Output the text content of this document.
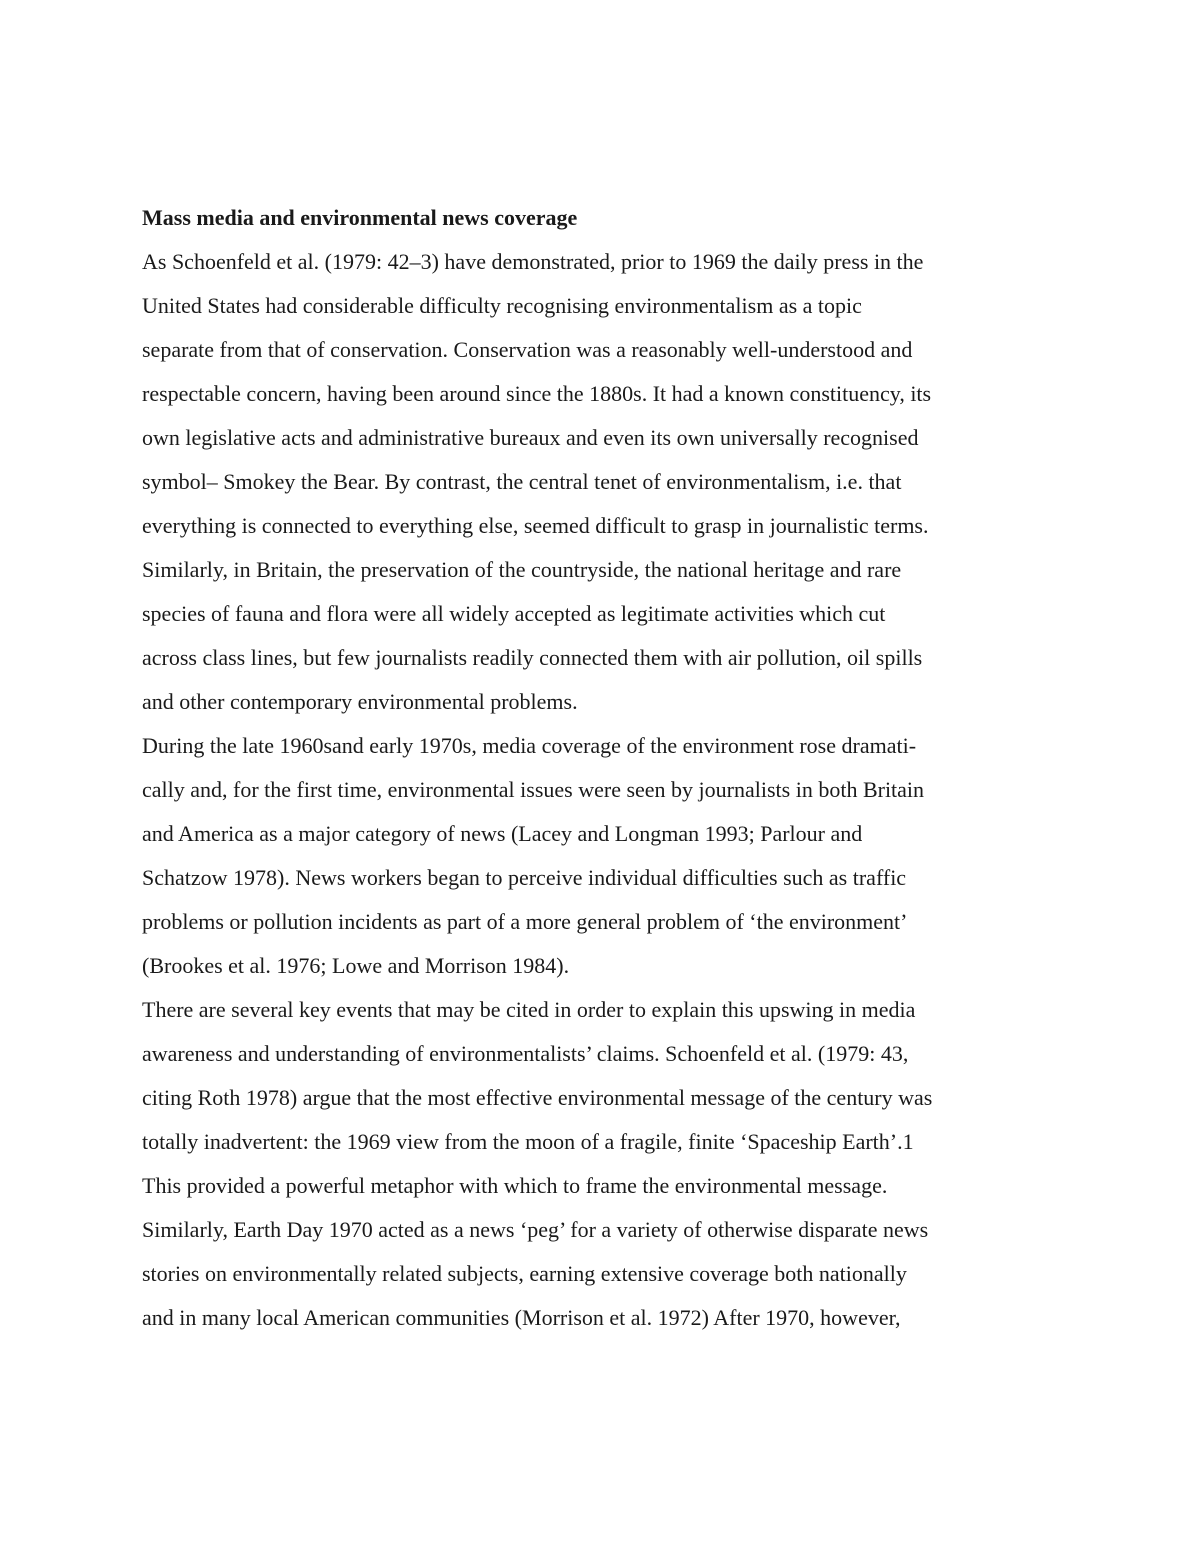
Mass media and environmental news coverage

As Schoenfeld et al. (1979: 42–3) have demonstrated, prior to 1969 the daily press in the
United States had considerable difficulty recognising environmentalism as a topic
separate from that of conservation. Conservation was a reasonably well-understood and
respectable concern, having been around since the 1880s. It had a known constituency, its
own legislative acts and administrative bureaux and even its own universally recognised
symbol– Smokey the Bear. By contrast, the central tenet of environmentalism, i.e. that
everything is connected to everything else, seemed difficult to grasp in journalistic terms.
Similarly, in Britain, the preservation of the countryside, the national heritage and rare
species of fauna and flora were all widely accepted as legitimate activities which cut
across class lines, but few journalists readily connected them with air pollution, oil spills
and other contemporary environmental problems.

During the late 1960sand early 1970s, media coverage of the environment rose dramati-
cally and, for the first time, environmental issues were seen by journalists in both Britain
and America as a major category of news (Lacey and Longman 1993; Parlour and
Schatzow 1978). News workers began to perceive individual difficulties such as traffic
problems or pollution incidents as part of a more general problem of ‘the environment’
(Brookes et al. 1976; Lowe and Morrison 1984).

There are several key events that may be cited in order to explain this upswing in media
awareness and understanding of environmentalists’ claims. Schoenfeld et al. (1979: 43,
citing Roth 1978) argue that the most effective environmental message of the century was
totally inadvertent: the 1969 view from the moon of a fragile, finite ‘Spaceship Earth’.1
This provided a powerful metaphor with which to frame the environmental message.
Similarly, Earth Day 1970 acted as a news ‘peg’ for a variety of otherwise disparate news
stories on environmentally related subjects, earning extensive coverage both nationally
and in many local American communities (Morrison et al. 1972) After 1970, however,
